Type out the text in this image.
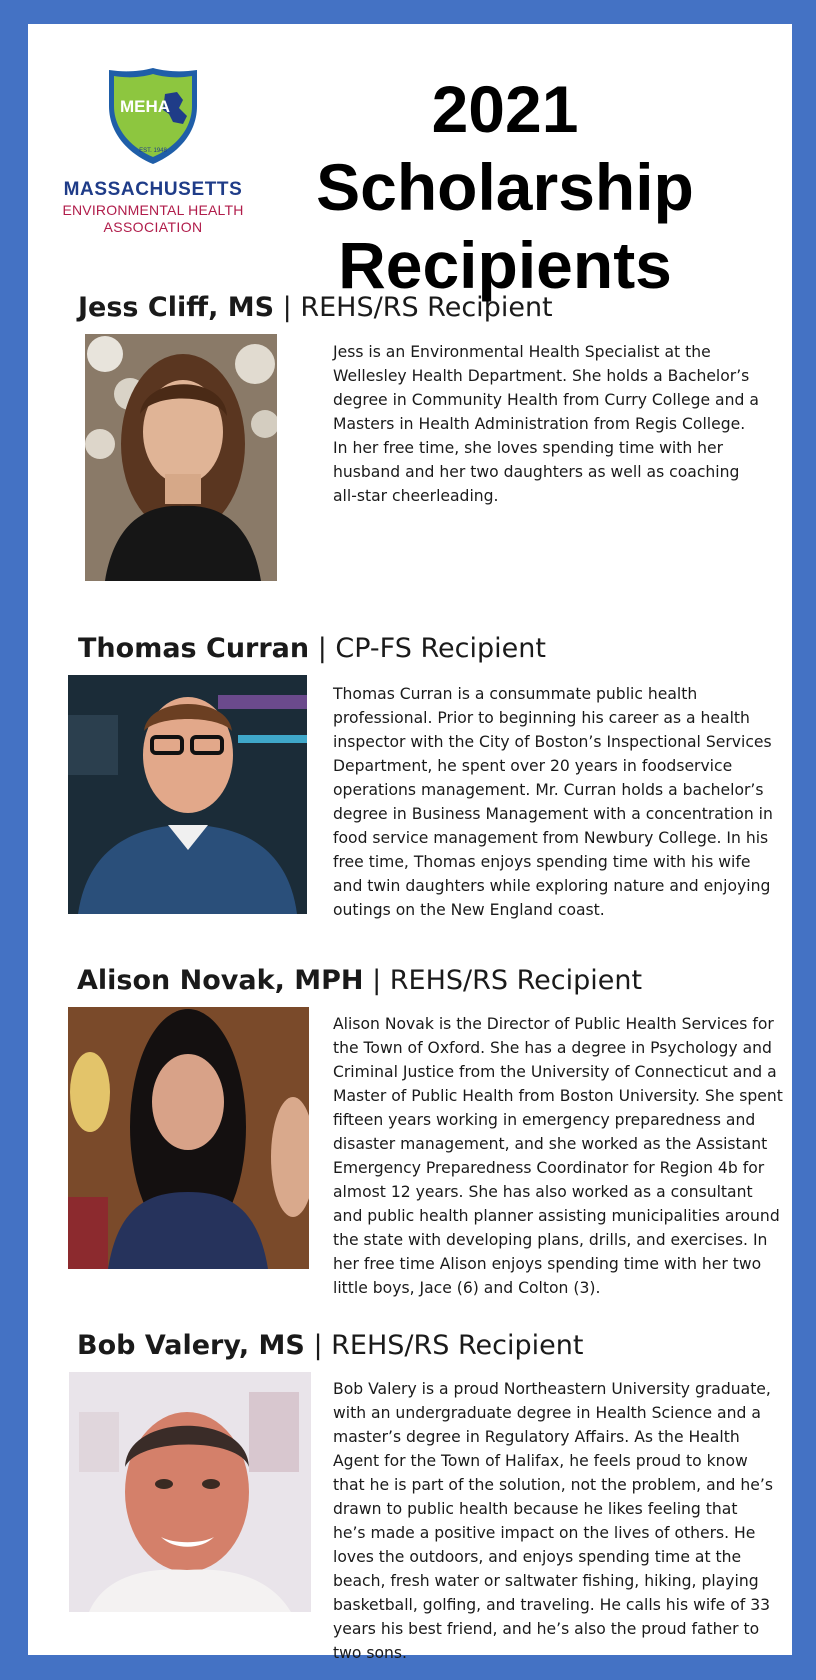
MEHA
EST. 1948
MASSACHUSETTS
ENVIRONMENTAL HEALTH
ASSOCIATION
2021 Scholarship
Recipients
Jess Cliff, MS | REHS/RS Recipient
Jess is an Environmental Health Specialist at the Wellesley Health Department. She holds a Bachelor’s degree in Community Health from Curry College and a Masters in Health Administration from Regis College. In her free time, she loves spending time with her husband and her two daughters as well as coaching all-star cheerleading.
Thomas Curran | CP-FS Recipient
Thomas Curran is a consummate public health professional. Prior to beginning his career as a health inspector with the City of Boston’s Inspectional Services Department, he spent over 20 years in foodservice operations management. Mr. Curran holds a bachelor’s degree in Business Management with a concentration in food service management from Newbury College. In his free time, Thomas enjoys spending time with his wife and twin daughters while exploring nature and enjoying outings on the New England coast.
Alison Novak, MPH | REHS/RS Recipient
Alison Novak is the Director of Public Health Services for the Town of Oxford. She has a degree in Psychology and Criminal Justice from the University of Connecticut and a Master of Public Health from Boston University. She spent fifteen years working in emergency preparedness and disaster management, and she worked as the Assistant Emergency Preparedness Coordinator for Region 4b for almost 12 years. She has also worked as a consultant and public health planner assisting municipalities around the state with developing plans, drills, and exercises. In her free time Alison enjoys spending time with her two little boys, Jace (6) and Colton (3).
Bob Valery, MS | REHS/RS Recipient
Bob Valery is a proud Northeastern University graduate, with an undergraduate degree in Health Science and a master’s degree in Regulatory Affairs. As the Health Agent for the Town of Halifax, he feels proud to know that he is part of the solution, not the problem, and he’s drawn to public health because he likes feeling that he’s made a positive impact on the lives of others. He loves the outdoors, and enjoys spending time at the beach, fresh water or saltwater fishing, hiking, playing basketball, golfing, and traveling. He calls his wife of 33 years his best friend, and he’s also the proud father to two sons.
